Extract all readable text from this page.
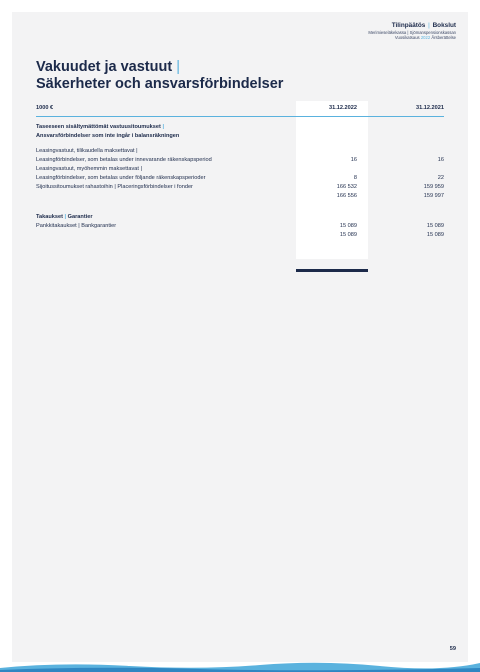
Tilinpäätös | Bokslut
Merimieseläkekassa | Sjömanspensionskassan
Vuosikatsaus 2022 Årsberättelse
Vakuudet ja vastuut |
Säkerheter och ansvarsförbindelser
1000 €	31.12.2022	31.12.2021
Taseeseen sisältymättömät vastuusitoumukset |
Ansvarsförbindelser som inte ingår i balansräkningen
Leasingvastuut, tilikaudella maksettavat |
Leasingförbindelser, som betalas under innevarande räkenskapsperiod	16	16
Leasingvastuut, myöhemmin maksettavat |
Leasingförbindelser, som betalas under följande räkenskapsperioder	8	22
Sijoitussitoumukset rahastoihin | Placeringsförbindelser i fonder	166 532	159 959
166 556	159 997
Takaukset | Garantier
Pankkitakaukset | Bankgarantier	15 089	15 089
15 089	15 089
59
